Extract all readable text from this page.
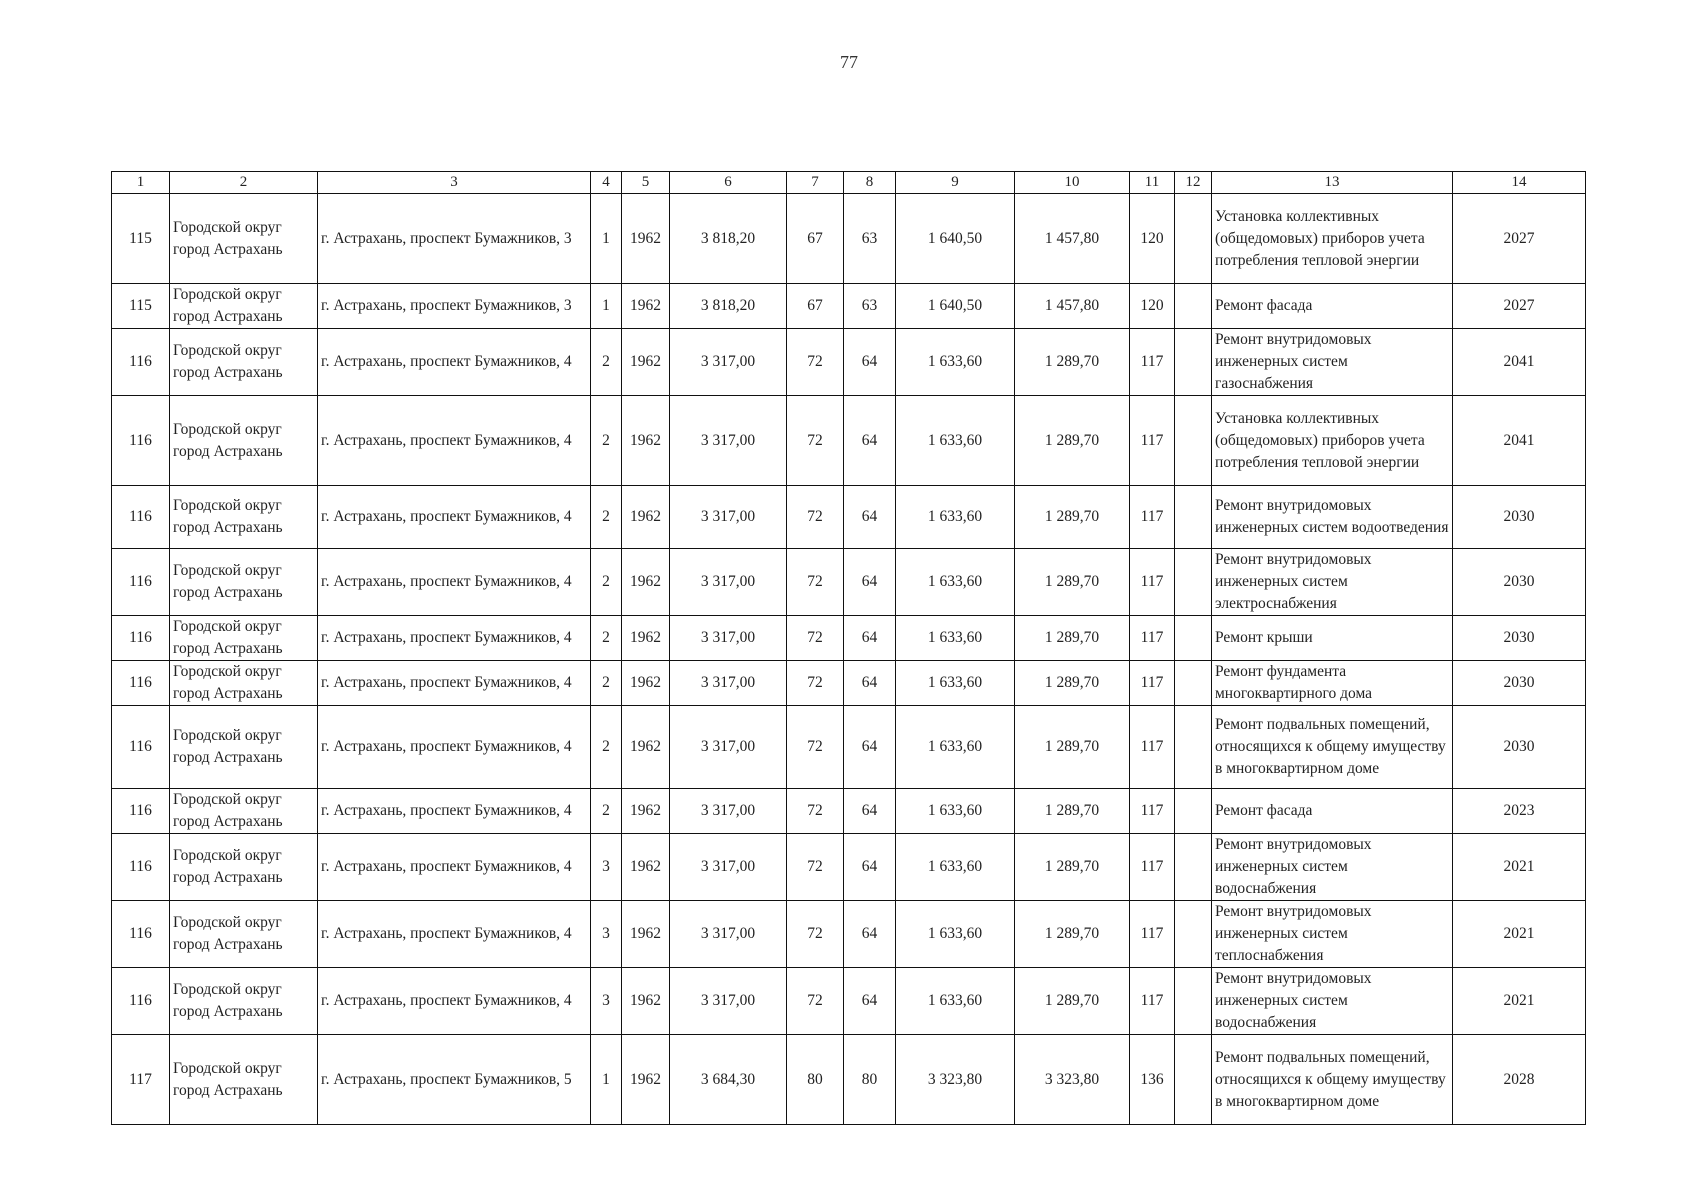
77
1	2	3	4	5	6	7	8	9	10	11	12	13	14
115	Городской округ город Астрахань	г. Астрахань, проспект Бумажников, 3	1	1962	3 818,20	67	63	1 640,50	1 457,80	120		Установка коллективных (общедомовых) приборов учета потребления тепловой энергии	2027
115	Городской округ город Астрахань	г. Астрахань, проспект Бумажников, 3	1	1962	3 818,20	67	63	1 640,50	1 457,80	120		Ремонт фасада	2027
116	Городской округ город Астрахань	г. Астрахань, проспект Бумажников, 4	2	1962	3 317,00	72	64	1 633,60	1 289,70	117		Ремонт внутридомовых инженерных систем газоснабжения	2041
116	Городской округ город Астрахань	г. Астрахань, проспект Бумажников, 4	2	1962	3 317,00	72	64	1 633,60	1 289,70	117		Установка коллективных (общедомовых) приборов учета потребления тепловой энергии	2041
116	Городской округ город Астрахань	г. Астрахань, проспект Бумажников, 4	2	1962	3 317,00	72	64	1 633,60	1 289,70	117		Ремонт внутридомовых инженерных систем водоотведения	2030
116	Городской округ город Астрахань	г. Астрахань, проспект Бумажников, 4	2	1962	3 317,00	72	64	1 633,60	1 289,70	117		Ремонт внутридомовых инженерных систем электроснабжения	2030
116	Городской округ город Астрахань	г. Астрахань, проспект Бумажников, 4	2	1962	3 317,00	72	64	1 633,60	1 289,70	117		Ремонт крыши	2030
116	Городской округ город Астрахань	г. Астрахань, проспект Бумажников, 4	2	1962	3 317,00	72	64	1 633,60	1 289,70	117		Ремонт фундамента многоквартирного дома	2030
116	Городской округ город Астрахань	г. Астрахань, проспект Бумажников, 4	2	1962	3 317,00	72	64	1 633,60	1 289,70	117		Ремонт подвальных помещений, относящихся к общему имуществу в многоквартирном доме	2030
116	Городской округ город Астрахань	г. Астрахань, проспект Бумажников, 4	2	1962	3 317,00	72	64	1 633,60	1 289,70	117		Ремонт фасада	2023
116	Городской округ город Астрахань	г. Астрахань, проспект Бумажников, 4	3	1962	3 317,00	72	64	1 633,60	1 289,70	117		Ремонт внутридомовых инженерных систем водоснабжения	2021
116	Городской округ город Астрахань	г. Астрахань, проспект Бумажников, 4	3	1962	3 317,00	72	64	1 633,60	1 289,70	117		Ремонт внутридомовых инженерных систем теплоснабжения	2021
116	Городской округ город Астрахань	г. Астрахань, проспект Бумажников, 4	3	1962	3 317,00	72	64	1 633,60	1 289,70	117		Ремонт внутридомовых инженерных систем водоснабжения	2021
117	Городской округ город Астрахань	г. Астрахань, проспект Бумажников, 5	1	1962	3 684,30	80	80	3 323,80	3 323,80	136		Ремонт подвальных помещений, относящихся к общему имуществу в многоквартирном доме	2028
